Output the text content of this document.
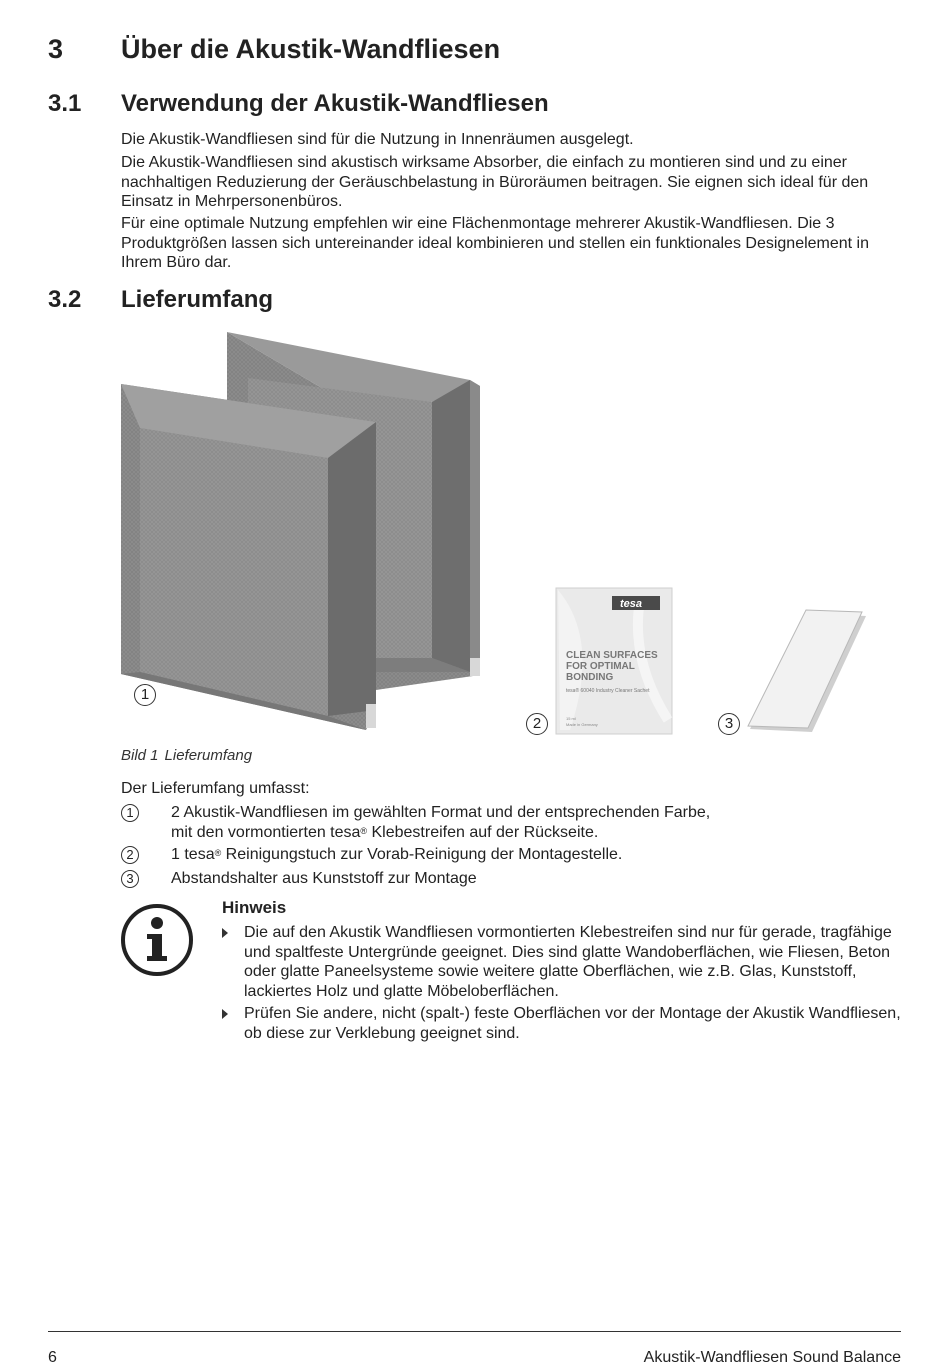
3 Über die Akustik-Wandfliesen
3.1 Verwendung der Akustik-Wandfliesen
Die Akustik-Wandfliesen sind für die Nutzung in Innenräumen ausgelegt.
Die Akustik-Wandfliesen sind akustisch wirksame Absorber, die einfach zu montieren sind und zu einer nachhaltigen Reduzierung der Geräuschbelastung in Büroräumen beitragen. Sie eignen sich ideal für den Einsatz in Mehrpersonenbüros.
Für eine optimale Nutzung empfehlen wir eine Flächenmontage mehrerer Akustik-Wandfliesen. Die 3 Produktgrößen lassen sich untereinander ideal kombinieren und stellen ein funktionales Designelement in Ihrem Büro dar.
3.2 Lieferumfang
tesa
CLEAN SURFACES
FOR OPTIMAL
BONDING
tesa® 60040 Industry Cleaner Sachet
15 ml
Made in Germany
1
2	3
Bild 1 Lieferumfang
Der Lieferumfang umfasst:
1	2 Akustik-Wandfliesen im gewählten Format und der entsprechenden Farbe,
mit den vormontierten tesa® Klebestreifen auf der Rückseite.
2	1 tesa® Reinigungstuch zur Vorab-Reinigung der Montagestelle.
3	Abstandshalter aus Kunststoff zur Montage
Hinweis
Die auf den Akustik Wandfliesen vormontierten Klebestreifen sind nur für gerade, tragfähige und spaltfeste Untergründe geeignet. Dies sind glatte Wandoberflächen, wie Fliesen, Beton oder glatte Paneelsysteme sowie weitere glatte Oberflächen, wie z.B. Glas, Kunststoff, lackiertes Holz und glatte Möbeloberflächen.
Prüfen Sie andere, nicht (spalt-) feste Oberflächen vor der Montage der Akustik Wandfliesen, ob diese zur Verklebung geeignet sind.
6	Akustik-Wandfliesen Sound Balance
